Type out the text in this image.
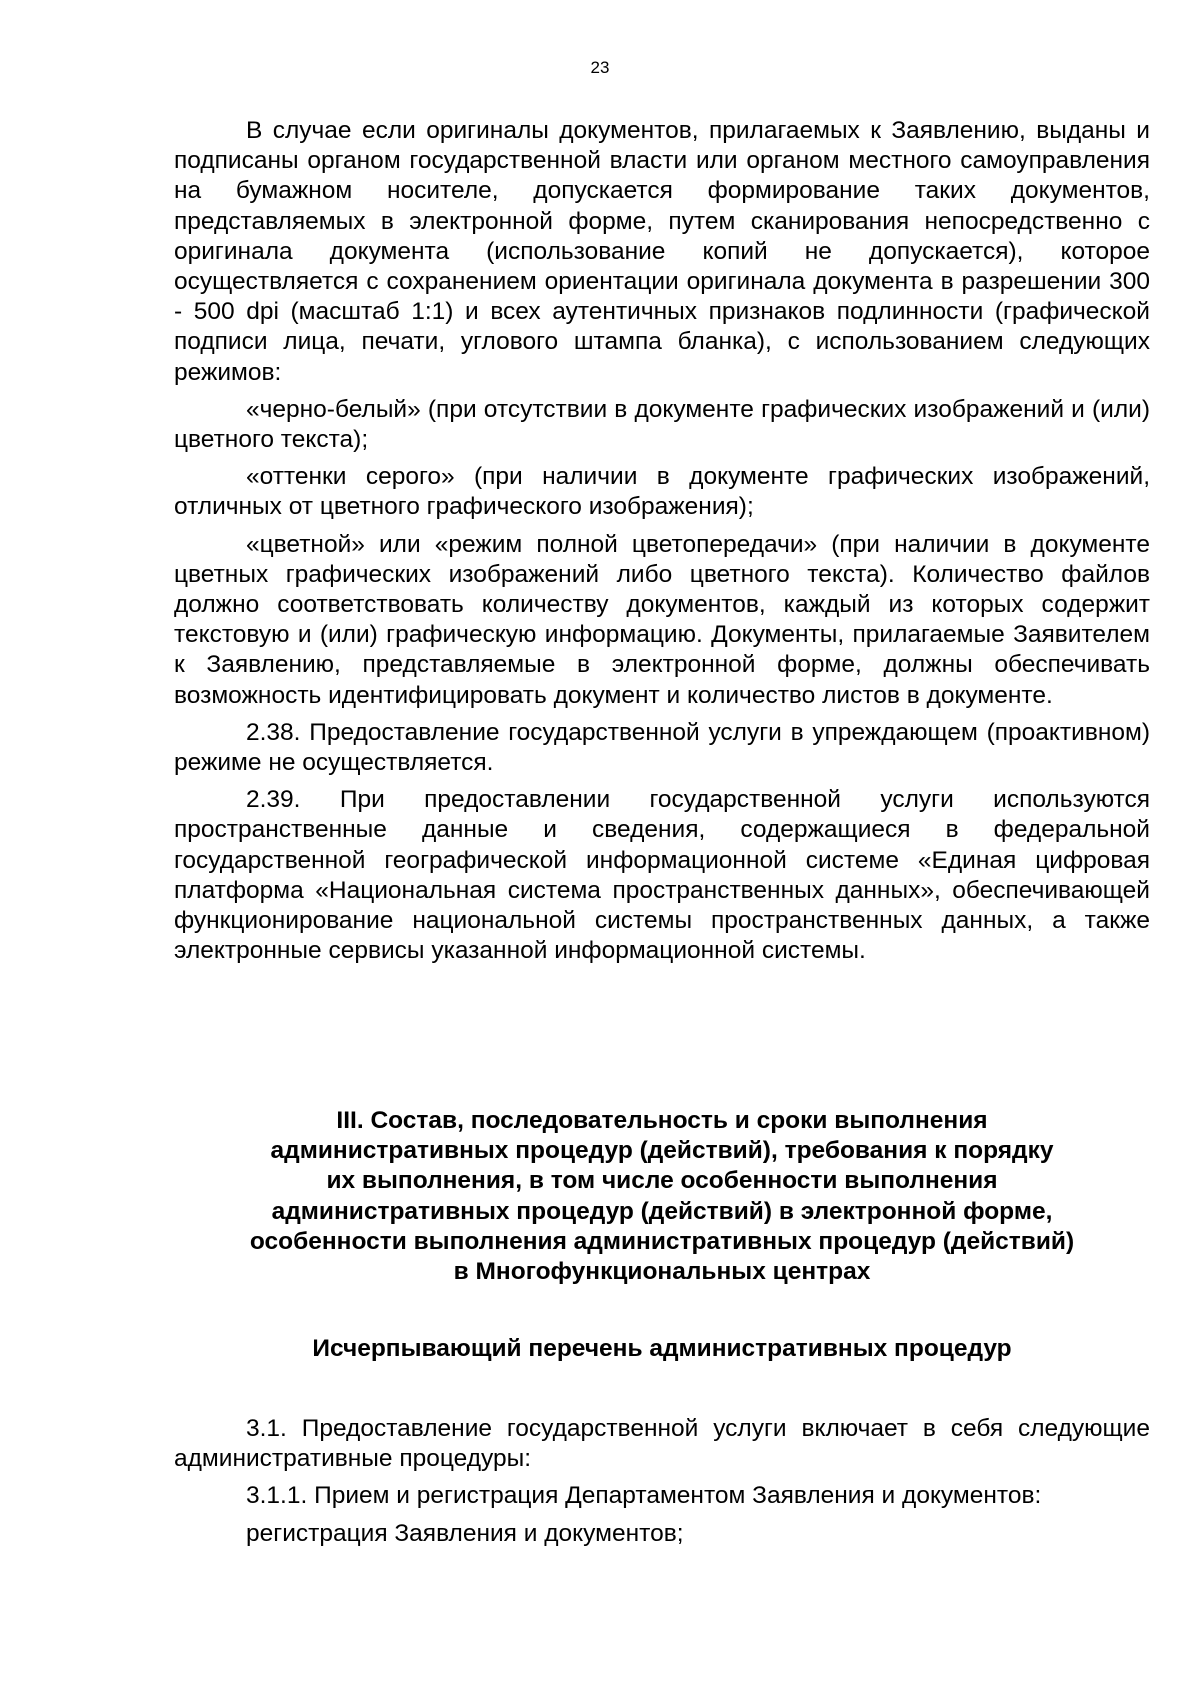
23

В случае если оригиналы документов, прилагаемых к Заявлению, выданы и подписаны органом государственной власти или органом местного самоуправления на бумажном носителе, допускается формирование таких документов, представляемых в электронной форме, путем сканирования непосредственно с оригинала документа (использование копий не допускается), которое осуществляется с сохранением ориентации оригинала документа в разрешении 300 - 500 dpi (масштаб 1:1) и всех аутентичных признаков подлинности (графической подписи лица, печати, углового штампа бланка), с использованием следующих режимов:

«черно-белый» (при отсутствии в документе графических изображений и (или) цветного текста);

«оттенки серого» (при наличии в документе графических изображений, отличных от цветного графического изображения);

«цветной» или «режим полной цветопередачи» (при наличии в документе цветных графических изображений либо цветного текста). Количество файлов должно соответствовать количеству документов, каждый из которых содержит текстовую и (или) графическую информацию. Документы, прилагаемые Заявителем к Заявлению, представляемые в электронной форме, должны обеспечивать возможность идентифицировать документ и количество листов в документе.

2.38. Предоставление государственной услуги в упреждающем (проактивном) режиме не осуществляется.

2.39. При предоставлении государственной услуги используются пространственные данные и сведения, содержащиеся в федеральной государственной географической информационной системе «Единая цифровая платформа «Национальная система пространственных данных», обеспечивающей функционирование национальной системы пространственных данных, а также электронные сервисы указанной информационной системы.

III. Состав, последовательность и сроки выполнения
административных процедур (действий), требования к порядку
их выполнения, в том числе особенности выполнения
административных процедур (действий) в электронной форме,
особенности выполнения административных процедур (действий)
в Многофункциональных центрах
Исчерпывающий перечень административных процедур

3.1. Предоставление государственной услуги включает в себя следующие административные процедуры:

3.1.1. Прием и регистрация Департаментом Заявления и документов:

регистрация Заявления и документов;
